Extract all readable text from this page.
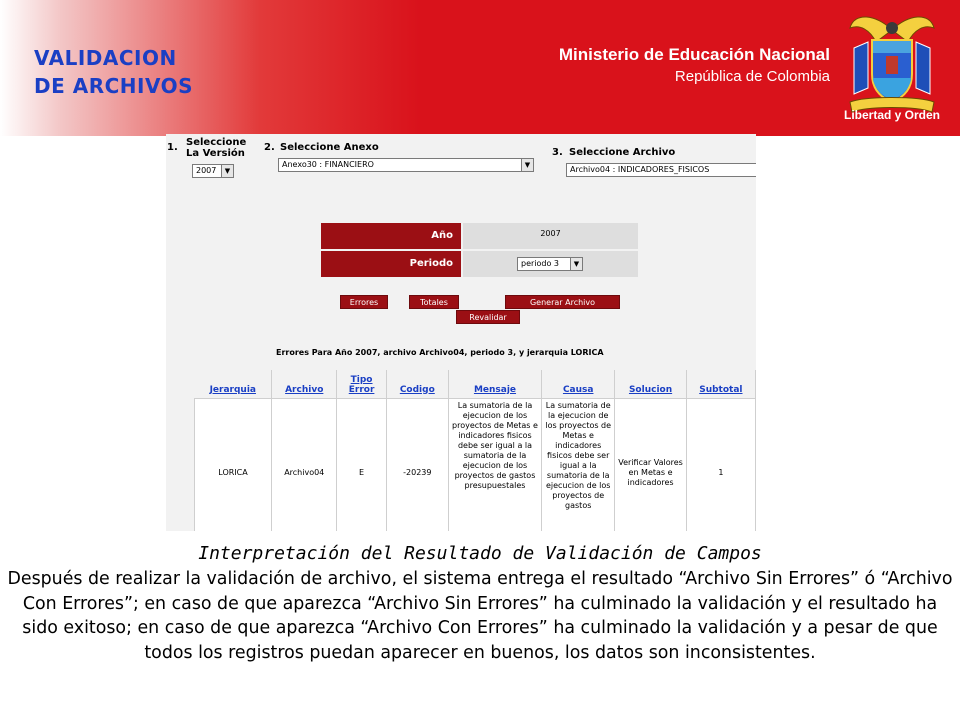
VALIDACION
DE ARCHIVOS
Ministerio de Educación Nacional
República de Colombia
Libertad y Orden
1. Seleccione
La Versión
2007	▼
2. Seleccione Anexo
Anexo30 : FINANCIERO	▼
3. Seleccione Archivo
Archivo04 : INDICADORES_FISICOS
Año	2007
Periodo	periodo 3	▼
Errores	Totales	Generar Archivo
Revalidar
Errores Para Año 2007, archivo Archivo04, periodo 3, y jerarquia LORICA
Jerarquia	Archivo	Tipo Error	Codigo	Mensaje	Causa	Solucion	Subtotal
LORICA	Archivo04	E	-20239	La sumatoria de la ejecucion de los proyectos de Metas e indicadores fisicos debe ser igual a la sumatoria de la ejecucion de los proyectos de gastos presupuestales	La sumatoria de la ejecucion de los proyectos de Metas e indicadores fisicos debe ser igual a la sumatoria de la ejecucion de los proyectos de gastos	Verificar Valores en Metas e indicadores	1
Interpretación del Resultado de Validación de Campos
Después de realizar la validación de archivo, el sistema entrega el resultado “Archivo Sin Errores” ó “Archivo Con Errores”; en caso de que aparezca “Archivo Sin Errores” ha culminado la validación y el resultado ha sido exitoso; en caso de que aparezca “Archivo Con Errores” ha culminado la validación y a pesar de que todos los registros puedan aparecer en buenos, los datos son inconsistentes.
